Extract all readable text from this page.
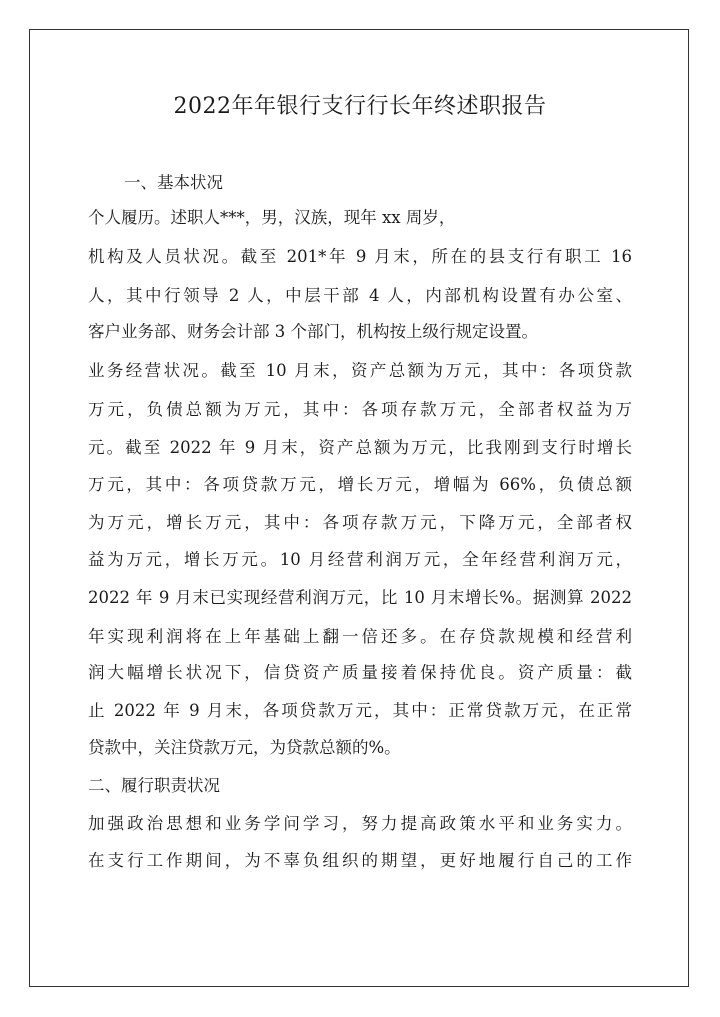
2022年年银行支行行长年终述职报告
一、基本状况
个人履历。述职人***，男，汉族，现年 xx 周岁，
机构及人员状况。截至 201*年 9 月末，所在的县支行有职工 16
人，其中行领导 2 人，中层干部 4 人，内部机构设置有办公室、
客户业务部、财务会计部 3 个部门，机构按上级行规定设置。
业务经营状况。截至 10 月末，资产总额为万元，其中：各项贷款
万元，负债总额为万元，其中：各项存款万元，全部者权益为万
元。截至 2022 年 9 月末，资产总额为万元，比我刚到支行时增长
万元，其中：各项贷款万元，增长万元，增幅为 66%，负债总额
为万元，增长万元，其中：各项存款万元，下降万元，全部者权
益为万元，增长万元。10 月经营利润万元，全年经营利润万元，
2022 年 9 月末已实现经营利润万元，比 10 月末增长%。据测算 2022
年实现利润将在上年基础上翻一倍还多。在存贷款规模和经营利
润大幅增长状况下，信贷资产质量接着保持优良。资产质量：截
止 2022 年 9 月末，各项贷款万元，其中：正常贷款万元，在正常
贷款中，关注贷款万元，为贷款总额的%。
二、履行职责状况
加强政治思想和业务学问学习，努力提高政策水平和业务实力。
在支行工作期间，为不辜负组织的期望，更好地履行自己的工作
